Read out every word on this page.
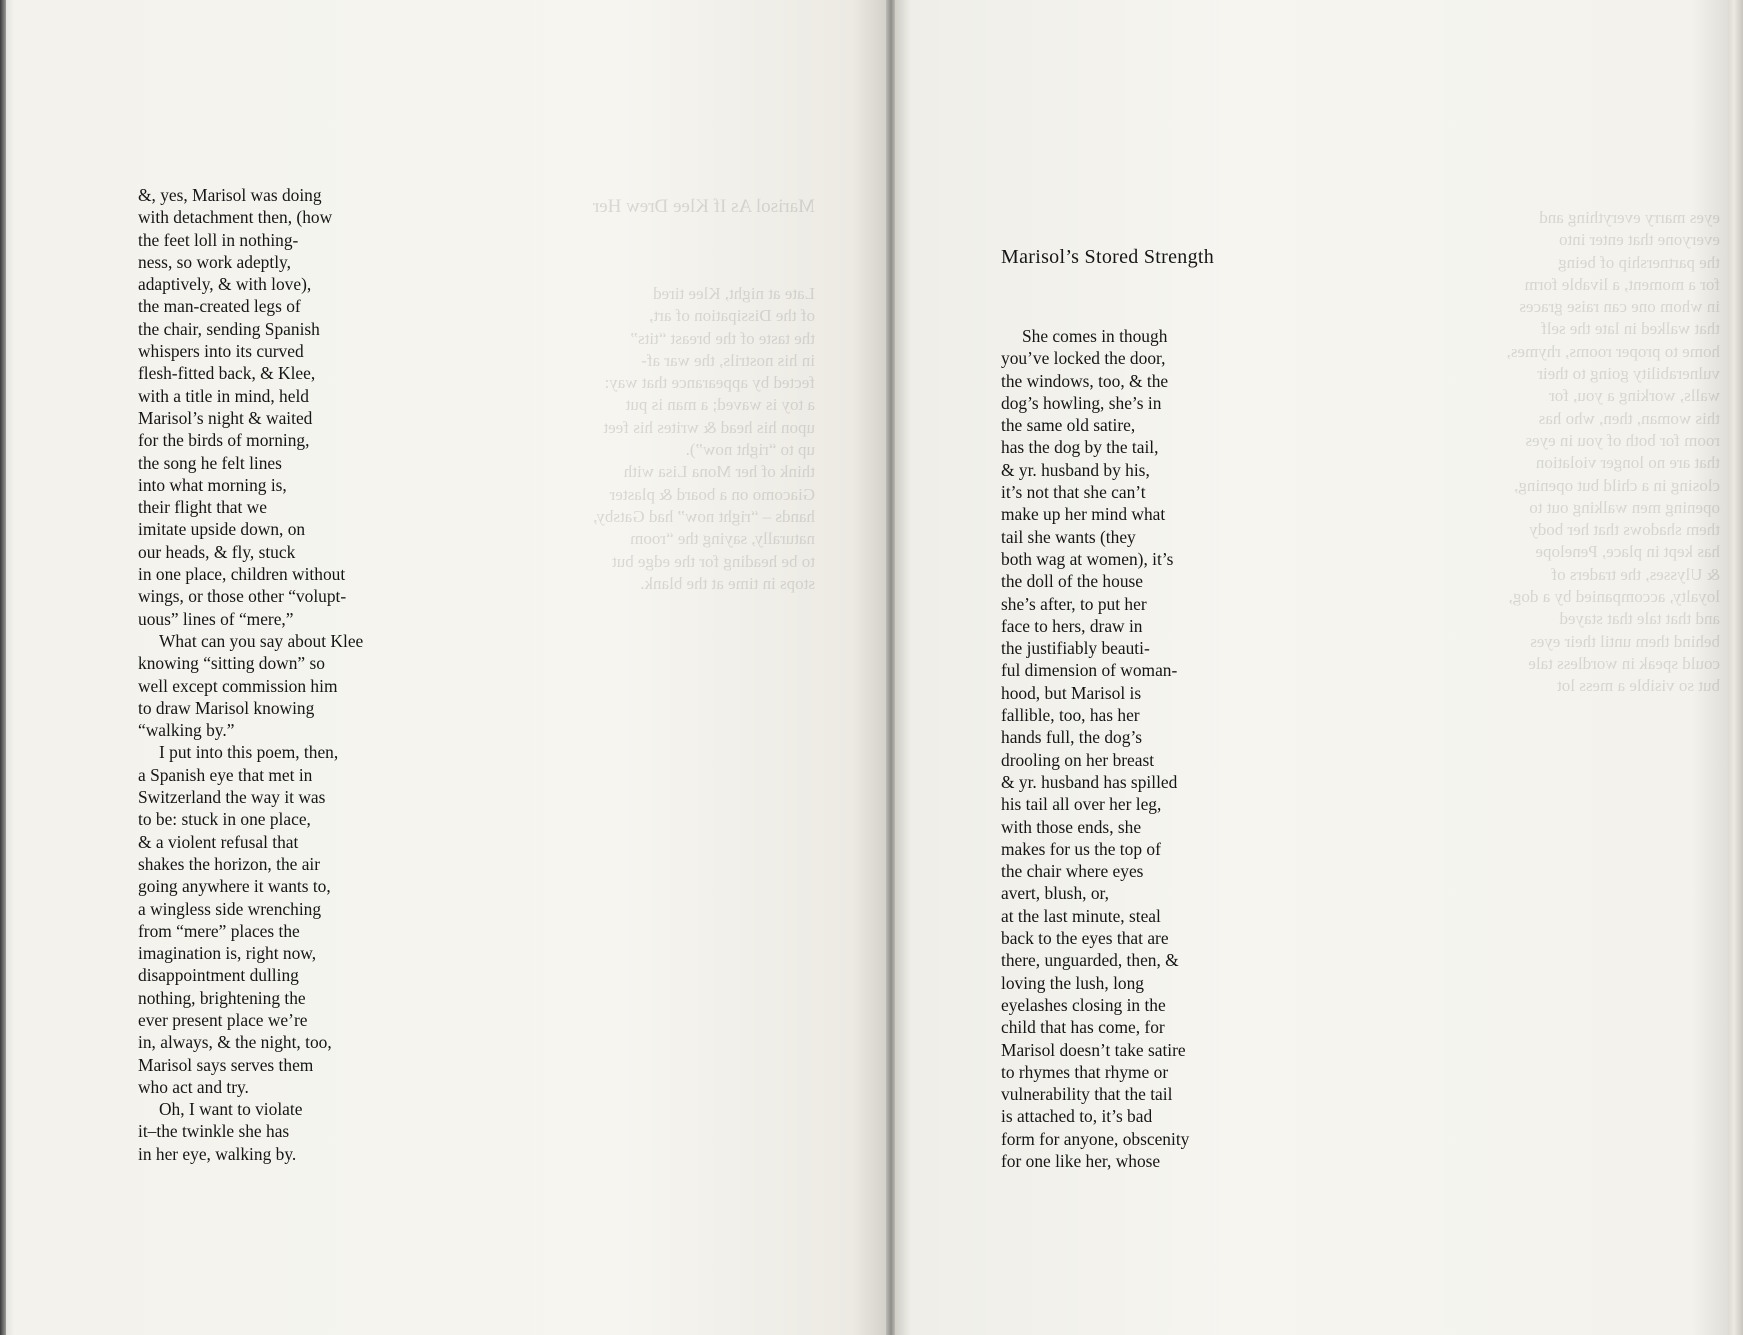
Marisol As If Klee Drew Her
&, yes, Marisol was doing
with detachment then, (how
the feet loll in nothing-
ness, so work adeptly,
adaptively, & with love),
the man-created legs of
the chair, sending Spanish
whispers into its curved
flesh-fitted back, & Klee,
with a title in mind, held
Marisol’s night & waited
for the birds of morning,
the song he felt lines
into what morning is,
their flight that we
imitate upside down, on
our heads, & fly, stuck
in one place, children without
wings, or those other “volupt-
uous” lines of “mere,”
What can you say about Klee
knowing “sitting down” so
well except commission him
to draw Marisol knowing
“walking by.”
I put into this poem, then,
a Spanish eye that met in
Switzerland the way it was
to be: stuck in one place,
& a violent refusal that
shakes the horizon, the air
going anywhere it wants to,
a wingless side wrenching
from “mere” places the
imagination is, right now,
disappointment dulling
nothing, brightening the
ever present place we’re
in, always, & the night, too,
Marisol says serves them
who act and try.
Oh, I want to violate
it–the twinkle she has
in her eye, walking by.
Marisol’s Stored Strength
She comes in though
you’ve locked the door,
the windows, too, & the
dog’s howling, she’s in
the same old satire,
has the dog by the tail,
& yr. husband by his,
it’s not that she can’t
make up her mind what
tail she wants (they
both wag at women), it’s
the doll of the house
she’s after, to put her
face to hers, draw in
the justifiably beauti-
ful dimension of woman-
hood, but Marisol is
fallible, too, has her
hands full, the dog’s
drooling on her breast
& yr. husband has spilled
his tail all over her leg,
with those ends, she
makes for us the top of
the chair where eyes
avert, blush, or,
at the last minute, steal
back to the eyes that are
there, unguarded, then, &
loving the lush, long
eyelashes closing in the
child that has come, for
Marisol doesn’t take satire
to rhymes that rhyme or
vulnerability that the tail
is attached to, it’s bad
form for anyone, obscenity
for one like her, whose
